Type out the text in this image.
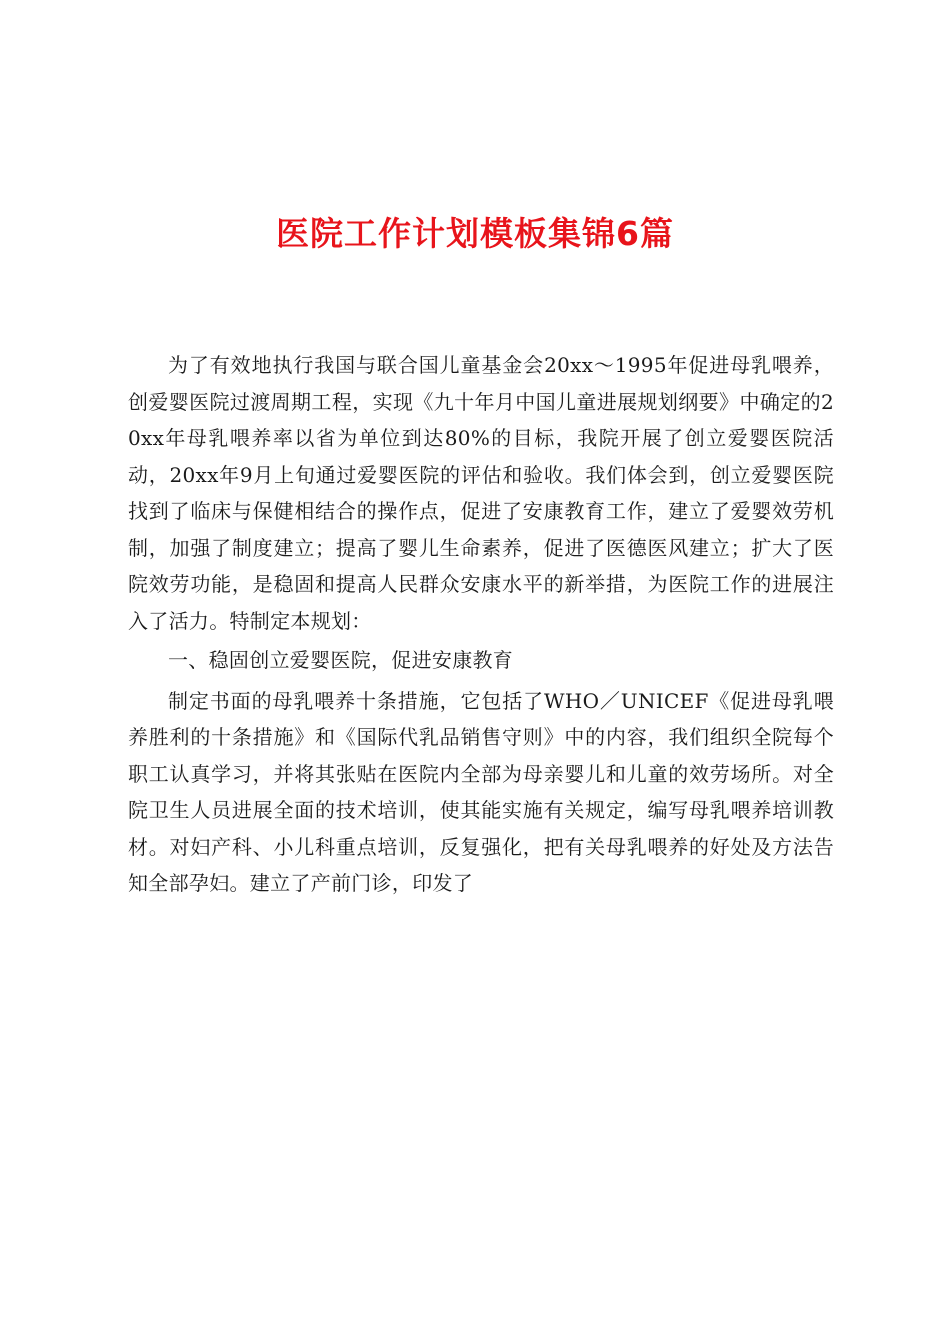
医院工作计划模板集锦6篇

为了有效地执行我国与联合国儿童基金会20xx～1995年促进母乳喂养，创爱婴医院过渡周期工程，实现《九十年月中国儿童进展规划纲要》中确定的20xx年母乳喂养率以省为单位到达80%的目标，我院开展了创立爱婴医院活动，20xx年9月上旬通过爱婴医院的评估和验收。我们体会到，创立爱婴医院找到了临床与保健相结合的操作点，促进了安康教育工作，建立了爱婴效劳机制，加强了制度建立；提高了婴儿生命素养，促进了医德医风建立；扩大了医院效劳功能，是稳固和提高人民群众安康水平的新举措，为医院工作的进展注入了活力。特制定本规划：

一、稳固创立爱婴医院，促进安康教育

制定书面的母乳喂养十条措施，它包括了WHO／UNICEF《促进母乳喂养胜利的十条措施》和《国际代乳品销售守则》中的内容，我们组织全院每个职工认真学习，并将其张贴在医院内全部为母亲婴儿和儿童的效劳场所。对全院卫生人员进展全面的技术培训，使其能实施有关规定，编写母乳喂养培训教材。对妇产科、小儿科重点培训，反复强化，把有关母乳喂养的好处及方法告知全部孕妇。建立了产前门诊，印发了
